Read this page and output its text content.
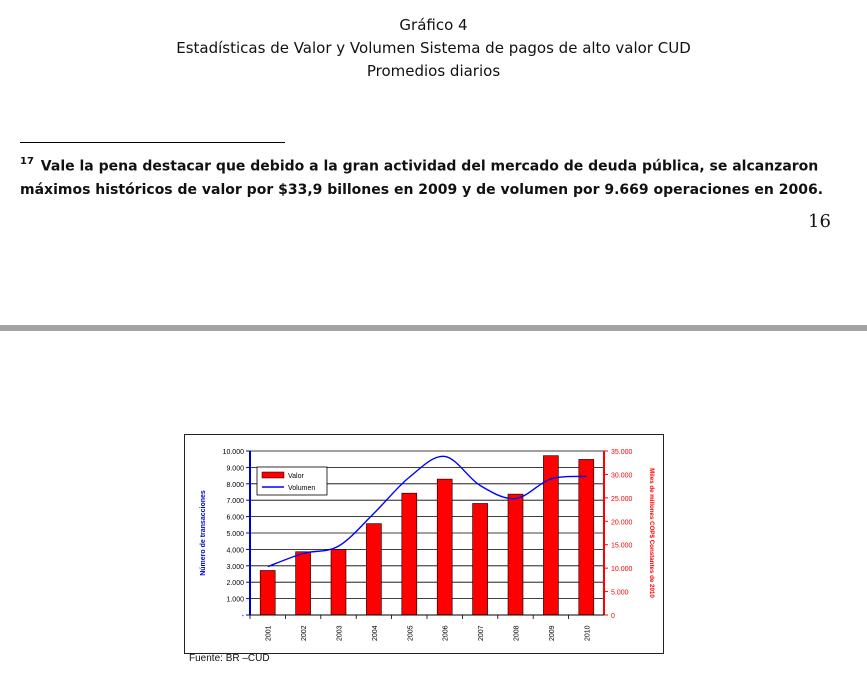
Gráfico 4
Estadísticas de Valor y Volumen Sistema de pagos de alto valor CUD
Promedios diarios
$^{17}$ Vale la pena destacar que debido a la gran actividad del mercado de deuda pública, se alcanzaron máximos históricos de valor por $33,9 billones en 2009 y de volumen por 9.669 operaciones en 2006.
16
-
1.000
2.000
3.000
4.000
5.000
6.000
7.000
8.000
9.000
10.000
0
5.000
10.000
15.000
20.000
25.000
30.000
35.000
2001	2002	2003	2004	2005	2006	2007	2008	2009	2010
Número de transacciones	Miles de millones COP$ Constantes de 2010
Valor
Volumen
Fuente: BR –CUD
